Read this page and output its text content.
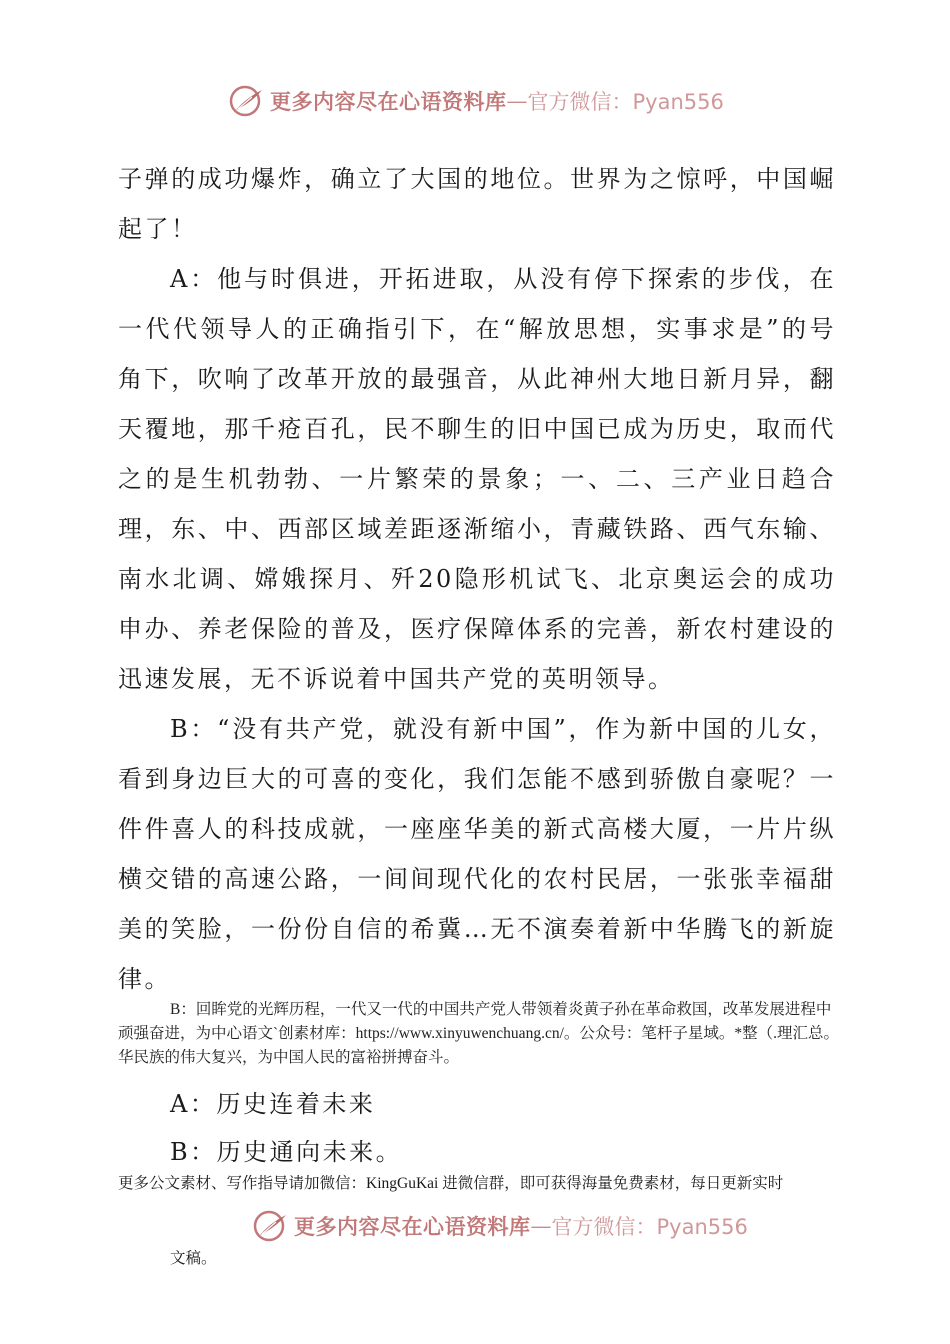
更多内容尽在心语资料库 — 官方微信：Pyan556

子弹的成功爆炸，确立了大国的地位。世界为之惊呼，中国崛起了！

A：他与时俱进，开拓进取，从没有停下探索的步伐，在一代代领导人的正确指引下，在“解放思想，实事求是”的号角下，吹响了改革开放的最强音，从此神州大地日新月异，翻天覆地，那千疮百孔，民不聊生的旧中国已成为历史，取而代之的是生机勃勃、一片繁荣的景象；一、二、三产业日趋合理，东、中、西部区域差距逐渐缩小，青藏铁路、西气东输、南水北调、嫦娥探月、歼20隐形机试飞、北京奥运会的成功申办、养老保险的普及，医疗保障体系的完善，新农村建设的迅速发展，无不诉说着中国共产党的英明领导。

B：“没有共产党，就没有新中国”，作为新中国的儿女，看到身边巨大的可喜的变化，我们怎能不感到骄傲自豪呢？一件件喜人的科技成就，一座座华美的新式高楼大厦，一片片纵横交错的高速公路，一间间现代化的农村民居，一张张幸福甜美的笑脸，一份份自信的希冀…无不演奏着新中华腾飞的新旋律。

B：回眸党的光辉历程，一代又一代的中国共产党人带领着炎黄子孙在革命救国，改革发展进程中顽强奋进，为中心语文`创素材库：https://www.xinyuwenchuang.cn/。公众号：笔杆子星域。*整（.理汇总。华民族的伟大复兴，为中国人民的富裕拼搏奋斗。
A：历史连着未来
B：历史通向未来。
更多公文素材、写作指导请加微信：KingGuKai 进微信群，即可获得海量免费素材，每日更新实时
更多内容尽在心语资料库 — 官方微信：Pyan556
文稿。
